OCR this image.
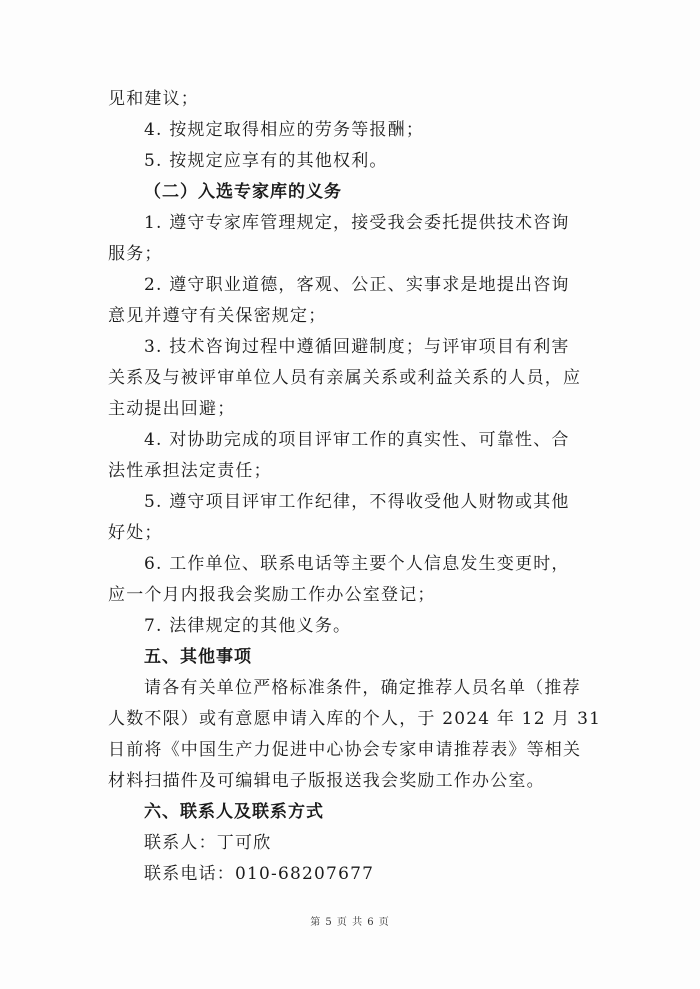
见和建议；
4. 按规定取得相应的劳务等报酬；
5. 按规定应享有的其他权利。
（二）入选专家库的义务
1. 遵守专家库管理规定，接受我会委托提供技术咨询
服务；
2. 遵守职业道德，客观、公正、实事求是地提出咨询
意见并遵守有关保密规定；
3. 技术咨询过程中遵循回避制度；与评审项目有利害
关系及与被评审单位人员有亲属关系或利益关系的人员，应
主动提出回避；
4. 对协助完成的项目评审工作的真实性、可靠性、合
法性承担法定责任；
5. 遵守项目评审工作纪律，不得收受他人财物或其他
好处；
6. 工作单位、联系电话等主要个人信息发生变更时，
应一个月内报我会奖励工作办公室登记；
7. 法律规定的其他义务。
五、其他事项
请各有关单位严格标准条件，确定推荐人员名单（推荐
人数不限）或有意愿申请入库的个人，于 2024 年 12 月 31
日前将《中国生产力促进中心协会专家申请推荐表》等相关
材料扫描件及可编辑电子版报送我会奖励工作办公室。
六、联系人及联系方式
联系人：丁可欣
联系电话：010-68207677
第 5 页 共 6 页
